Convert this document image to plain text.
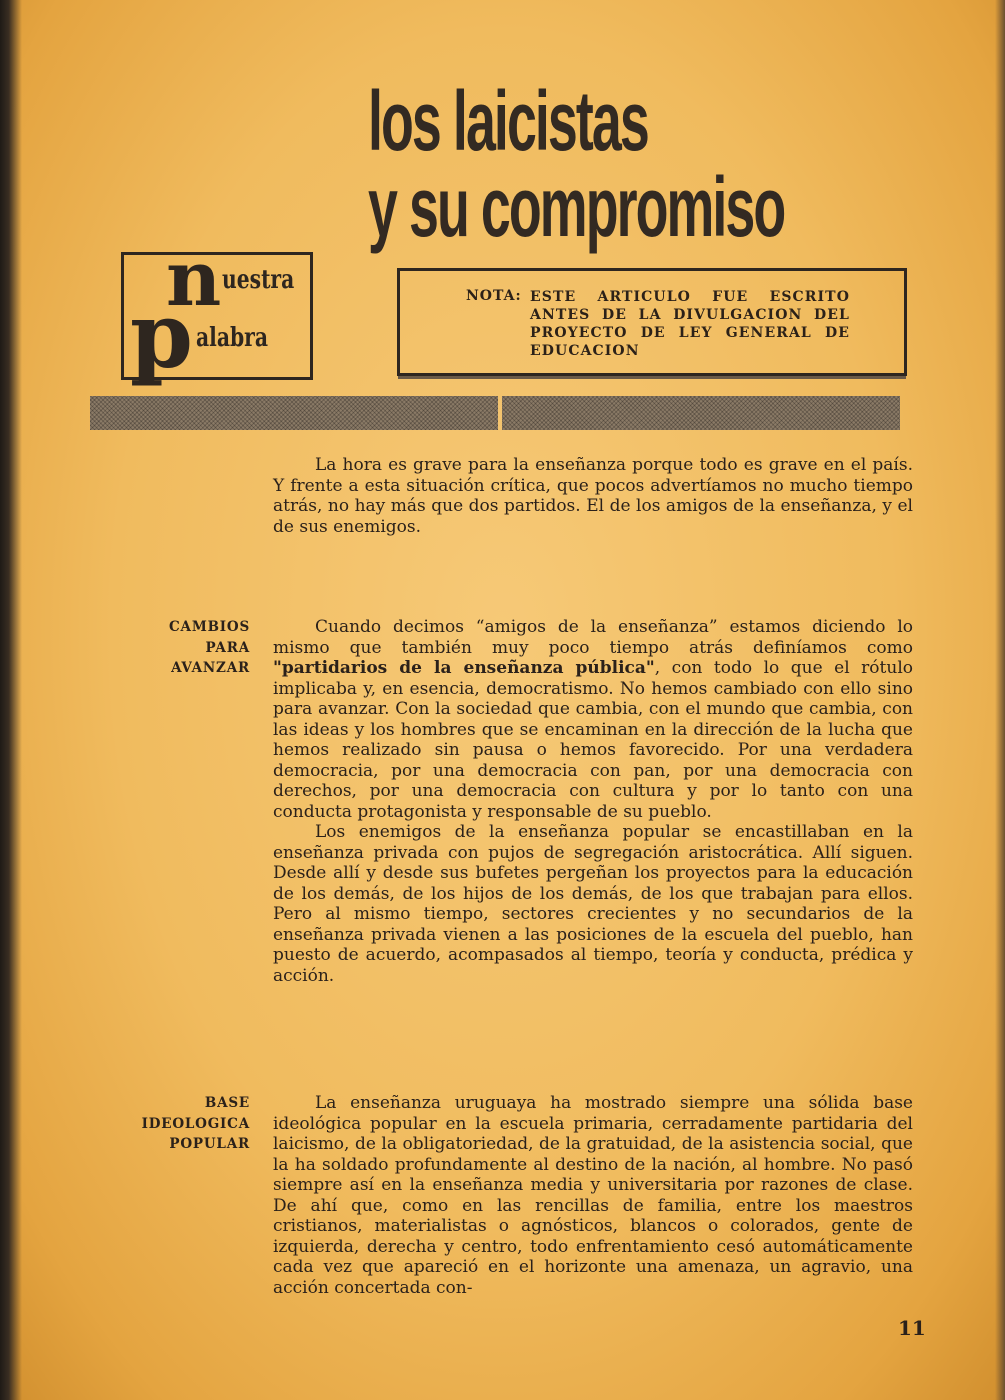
los laicistas
y su compromiso
n uestra
p alabra
NOTA: ESTE ARTICULO FUE ESCRITO ANTES DE LA DIVULGACION DEL PROYECTO DE LEY GENERAL DE EDUCACION

La hora es grave para la enseñanza porque todo es grave en el país. Y frente a esta situación crítica, que pocos advertíamos no mucho tiempo atrás, no hay más que dos partidos. El de los amigos de la enseñanza, y el de sus enemigos.

CAMBIOS
PARA
AVANZAR

Cuando decimos “amigos de la enseñanza” estamos diciendo lo mismo que también muy poco tiempo atrás definíamos como "partidarios de la enseñanza pública", con todo lo que el rótulo implicaba y, en esencia, democratismo. No hemos cambiado con ello sino para avanzar. Con la sociedad que cambia, con el mundo que cambia, con las ideas y los hombres que se encaminan en la dirección de la lucha que hemos realizado sin pausa o hemos favorecido. Por una verdadera democracia, por una democracia con pan, por una democracia con derechos, por una democracia con cultura y por lo tanto con una conducta protagonista y responsable de su pueblo.

Los enemigos de la enseñanza popular se encastillaban en la enseñanza privada con pujos de segregación aristocrática. Allí siguen. Desde allí y desde sus bufetes pergeñan los proyectos para la educación de los demás, de los hijos de los demás, de los que trabajan para ellos. Pero al mismo tiempo, sectores crecientes y no secundarios de la enseñanza privada vienen a las posiciones de la escuela del pueblo, han puesto de acuerdo, acompasados al tiempo, teoría y conducta, prédica y acción.

BASE
IDEOLOGICA
POPULAR

La enseñanza uruguaya ha mostrado siempre una sólida base ideológica popular en la escuela primaria, cerradamente partidaria del laicismo, de la obligatoriedad, de la gratuidad, de la asistencia social, que la ha soldado profundamente al destino de la nación, al hombre. No pasó siempre así en la enseñanza media y universitaria por razones de clase. De ahí que, como en las rencillas de familia, entre los maestros cristianos, materialistas o agnósticos, blancos o colorados, gente de izquierda, derecha y centro, todo enfrentamiento cesó automáticamente cada vez que apareció en el horizonte una amenaza, un agravio, una acción concertada con-

11
